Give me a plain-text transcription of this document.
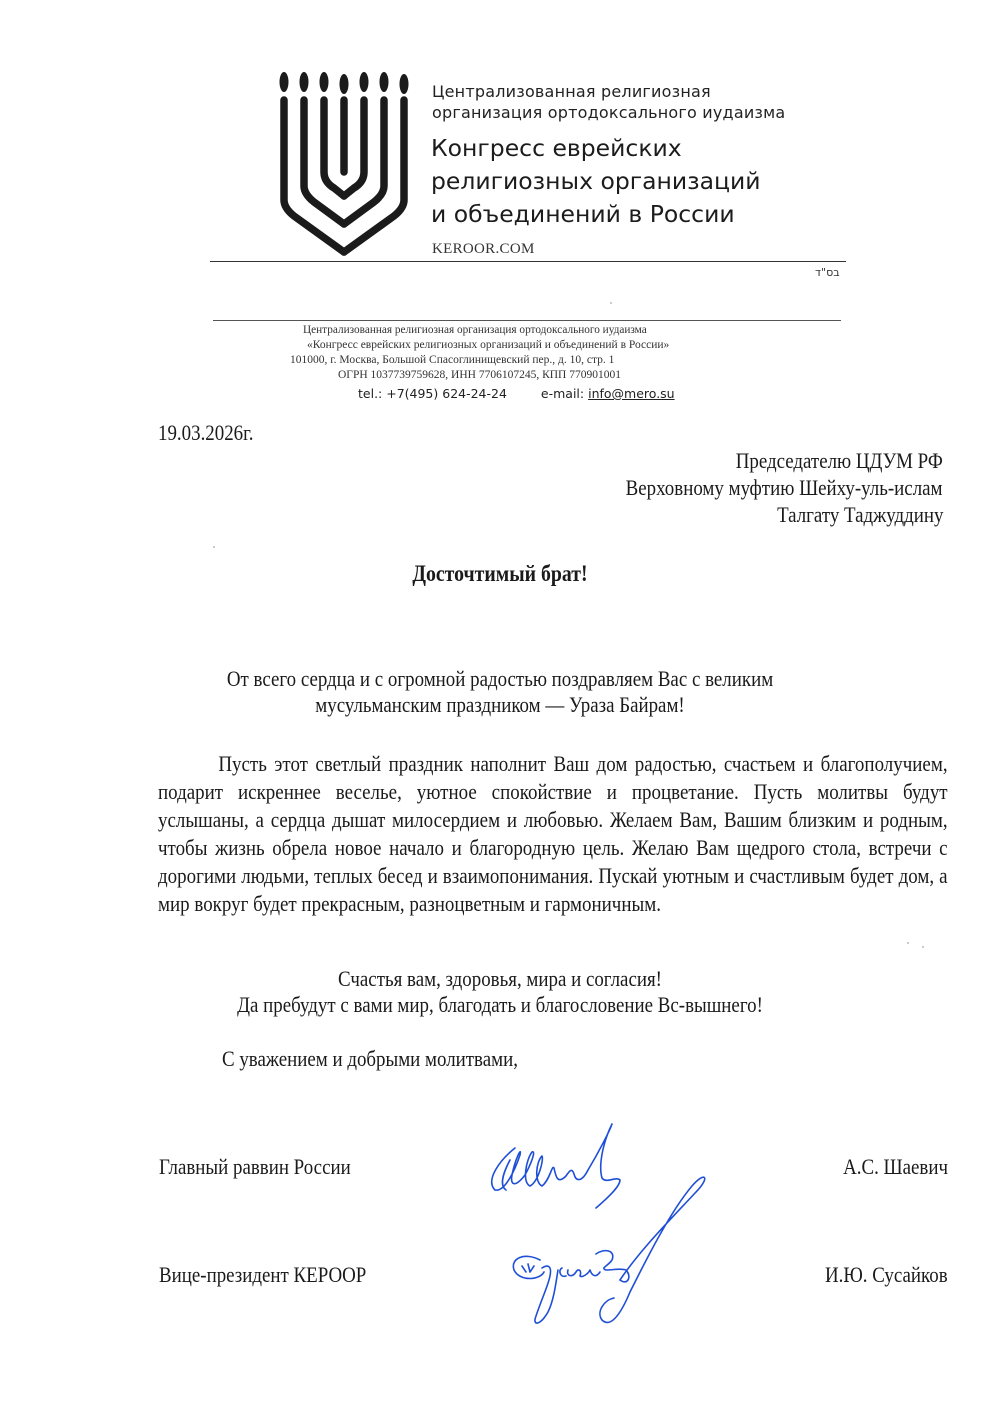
Централизованная религиозная
организация ортодоксального иудаизма
Конгресс еврейских
религиозных организаций
и объединений в России
KEROOR.COM
בס"ד
Централизованная религиозная организация ортодоксального иудаизма
«Конгресс еврейских религиозных организаций и объединений в России»
101000, г. Москва, Большой Спасоглинищевский пер., д. 10, стр. 1
ОГРН 1037739759628, ИНН 7706107245, КПП 770901001
tel.: +7(495) 624-24-24	e-mail: info@mero.su
19.03.2026г.
Председателю ЦДУМ РФ
Верховному муфтию Шейху-уль-ислам
Талгату Таджуддину
Досточтимый брат!
От всего сердца и с огромной радостью поздравляем Вас с великим
мусульманским праздником — Ураза Байрам!
Пусть этот светлый праздник наполнит Ваш дом радостью, счастьем и благополучием, подарит искреннее веселье, уютное спокойствие и процветание. Пусть молитвы будут услышаны, а сердца дышат милосердием и любовью. Желаем Вам, Вашим близким и родным, чтобы жизнь обрела новое начало и благородную цель. Желаю Вам щедрого стола, встречи с дорогими людьми, теплых бесед и взаимопонимания. Пускай уютным и счастливым будет дом, а мир вокруг будет прекрасным, разноцветным и гармоничным.
Счастья вам, здоровья, мира и согласия!
Да пребудут с вами мир, благодать и благословение Вс-вышнего!
С уважением и добрыми молитвами,
Главный раввин России	А.С. Шаевич
Вице-президент КЕРООР	И.Ю. Сусайков
